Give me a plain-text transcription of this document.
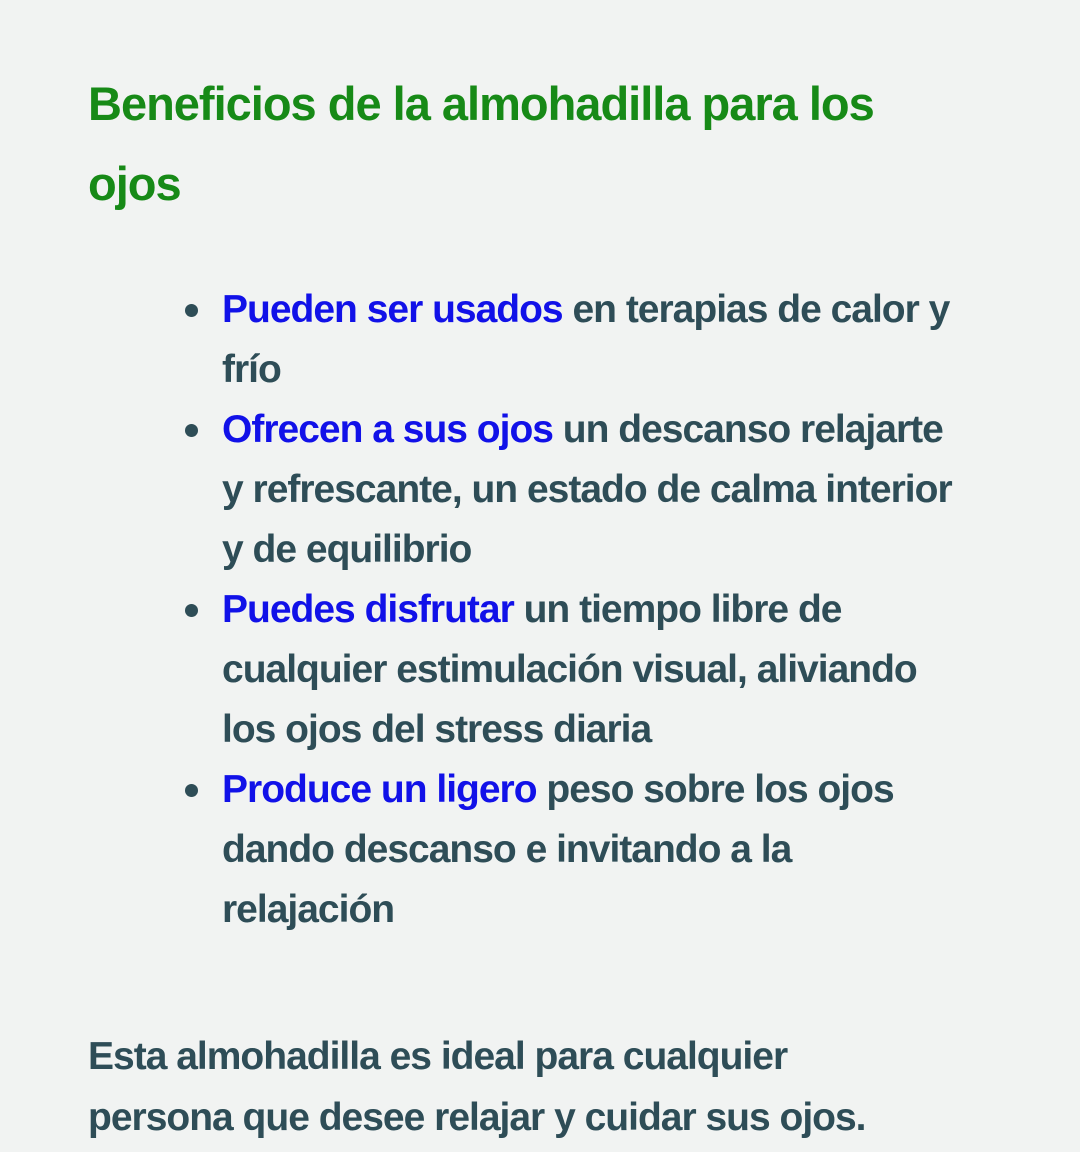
Beneficios de la almohadilla para los ojos

Pueden ser usados en terapias de calor y frío

Ofrecen a sus ojos un descanso relajarte y refrescante, un estado de calma interior y de equilibrio

Puedes disfrutar un tiempo libre de cualquier estimulación visual, aliviando los ojos del stress diaria

Produce un ligero peso sobre los ojos dando descanso e invitando a la relajación

Esta almohadilla es ideal para cualquier persona que desee relajar y cuidar sus ojos.
